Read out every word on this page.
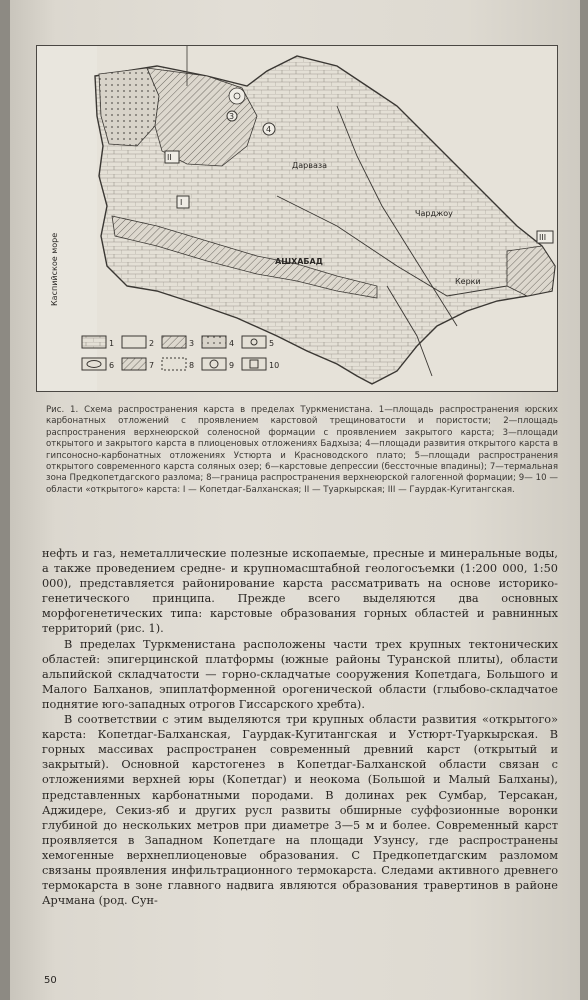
Каспийское море
Дарваза
Чарджоу
АШХАБАД
Керки
I
II
III
4
3
1	2	3	4	5
6	7	8	9	10
Рис. 1. Схема распространения карста в пределах Туркменистана. 1—площадь распространения юрских карбонатных отложений с проявлением карстовой трещиноватости и пористости; 2—площадь распространения верхнеюрской соленосной формации с проявлением закрытого карста; 3—площади открытого и закрытого карста в плиоценовых отложениях Бадхыза; 4—площади развития открытого карста в гипсоносно-карбонатных отложениях Устюрта и Красноводского плато; 5—площади распространения открытого современного карста соляных озер; 6—карстовые депрессии (бессточные впадины); 7—термальная зона Предкопетдагского разлома; 8—граница распространения верхнеюрской галогенной формации; 9— 10 — области «открытого» карста: I — Копетдаг-Балханская; II — Туаркырская; III — Гаурдак-Кугитангская.

нефть и газ, неметаллические полезные ископаемые, пресные и минеральные воды, а также проведением средне- и крупномасштабной геологосъемки (1:200 000, 1:50 000), представляется районирование карста рассматривать на основе историко-генетического принципа. Прежде всего выделяются два основных морфогенетических типа: карстовые образования горных областей и равнинных территорий (рис. 1).

В пределах Туркменистана расположены части трех крупных тектонических областей: эпигерцинской платформы (южные районы Туранской плиты), области альпийской складчатости — горно-складчатые сооружения Копетдага, Большого и Малого Балханов, эпиплатформенной орогенической области (глыбово-складчатое поднятие юго-западных отрогов Гиссарского хребта).

В соответствии с этим выделяются три крупных области развития «открытого» карста: Копетдаг-Балханская, Гаурдак-Кугитангская и Устюрт-Туаркырская. В горных массивах распространен современный древний карст (открытый и закрытый). Основной карстогенез в Копетдаг-Балханской области связан с отложениями верхней юры (Копетдаг) и неокома (Большой и Малый Балханы), представленных карбонатными породами. В долинах рек Сумбар, Терсакан, Аджидере, Секиз-яб и других русл развиты обширные суффозионные воронки глубиной до нескольких метров при диаметре 3—5 м и более. Современный карст проявляется в Западном Копетдаге на площади Узунсу, где распространены хемогенные верхнеплиоценовые образования. С Предкопетдагским разломом связаны проявления инфильтрационного термокарста. Следами активного древнего термокарста в зоне главного надвига являются образования травертинов в районе Арчмана (род. Сун-

50
